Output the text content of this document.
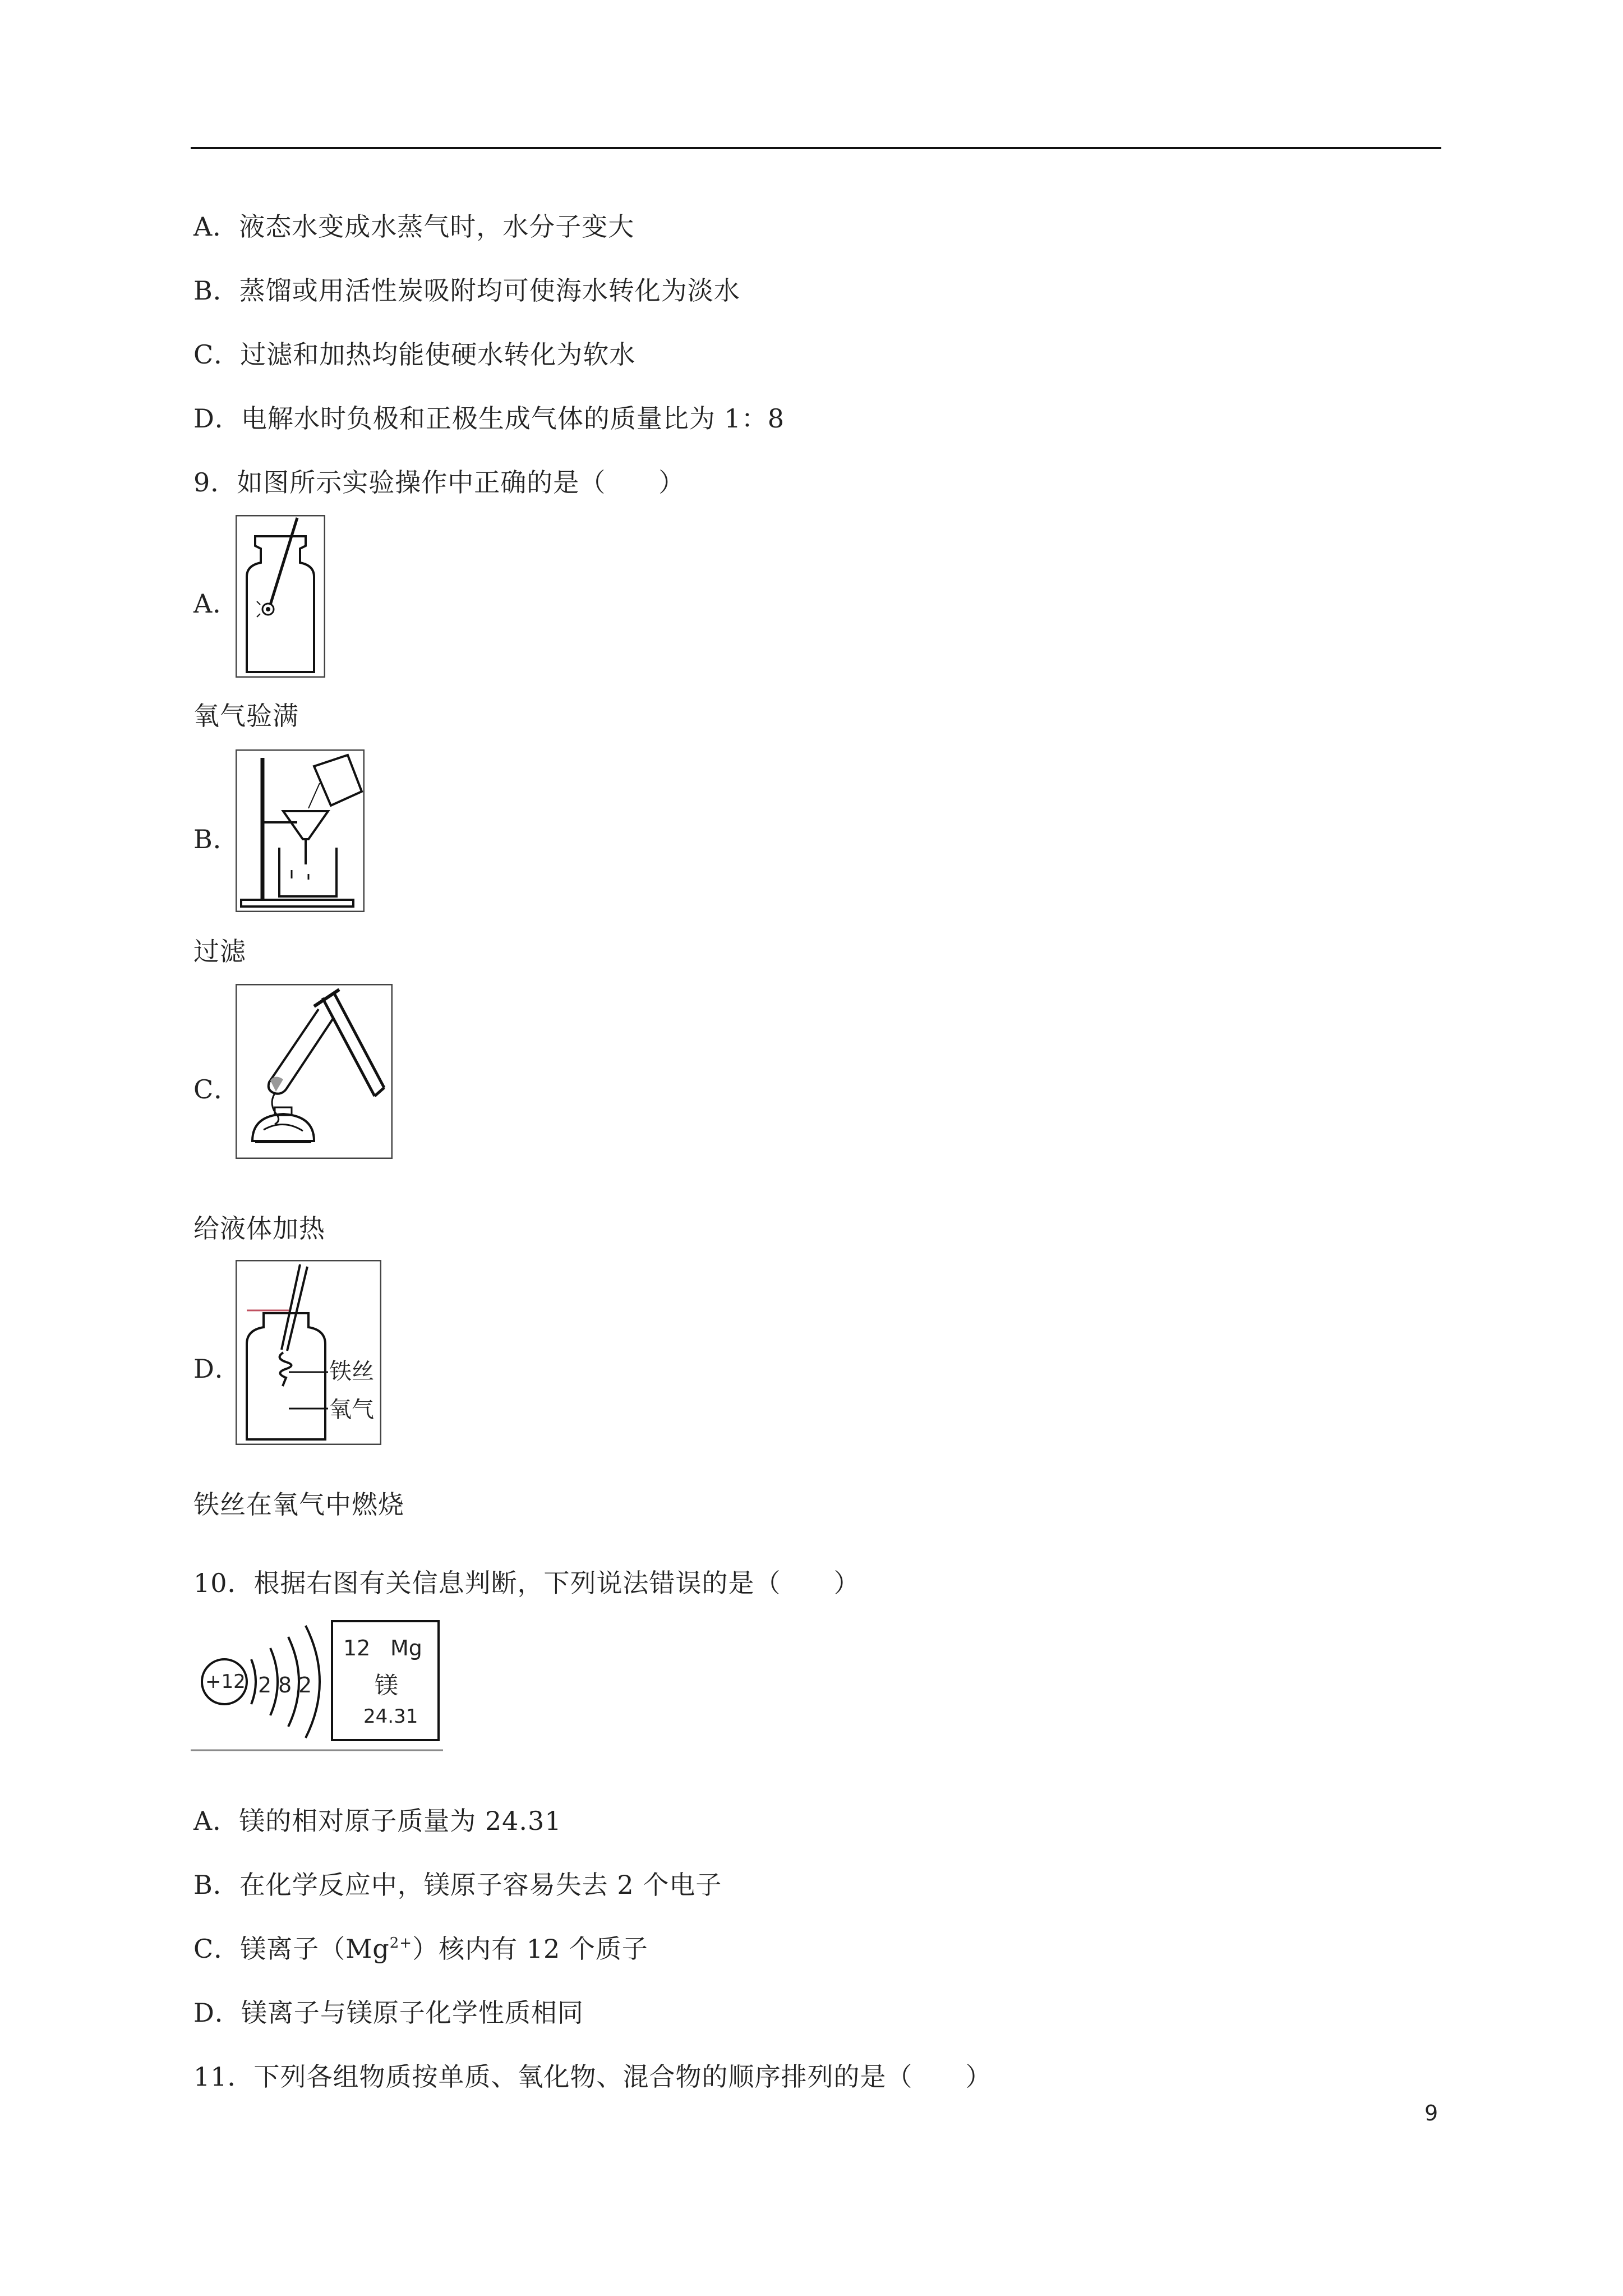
A．液态水变成水蒸气时，水分子变大
B．蒸馏或用活性炭吸附均可使海水转化为淡水
C．过滤和加热均能使硬水转化为软水
D．电解水时负极和正极生成气体的质量比为 1：8
9．如图所示实验操作中正确的是（　　）
A．
氧气验满
B．
过滤
C．
给液体加热
D．	铁丝
氧气
铁丝在氧气中燃烧
10．根据右图有关信息判断，下列说法错误的是（　　）
+12 2 8 2
12 Mg
镁
24.31
A．镁的相对原子质量为 24.31
B．在化学反应中，镁原子容易失去 2 个电子
C．镁离子$(Mg^{2+})$核内有 12 个质子
D．镁离子与镁原子化学性质相同
11．下列各组物质按单质、氧化物、混合物的顺序排列的是（　　）
9
